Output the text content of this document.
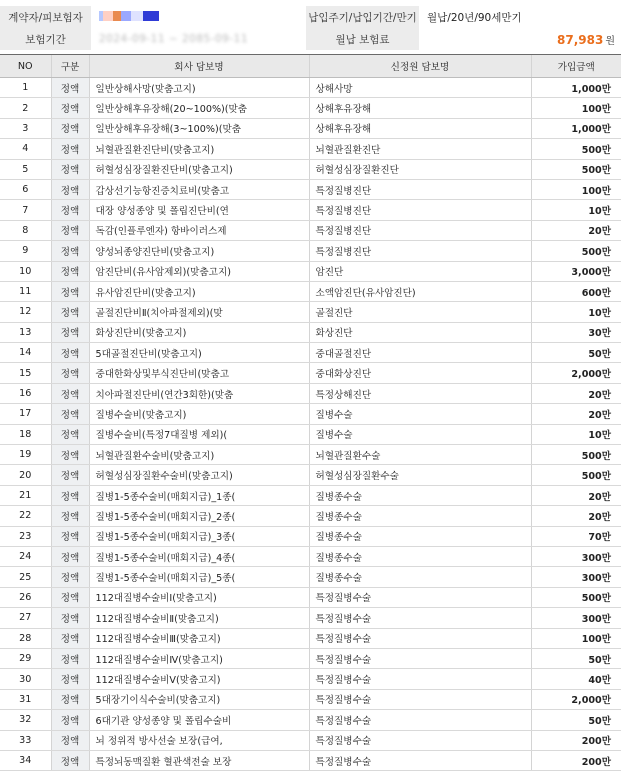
계약자/피보험자		납입주기/납입기간/만기	월납/20년/90세만기
보험기간	2024-09-11 ~ 2085-09-11	월납 보험료	87,983 원
NO	구분	회사 담보명	신정원 담보명	가입금액
1	정액	일반상해사망(맞춤고지)	상해사망	1,000만
2	정액	일반상해후유장해(20~100%)(맞춤	상해후유장해	100만
3	정액	일반상해후유장해(3~100%)(맞춤	상해후유장해	1,000만
4	정액	뇌혈관질환진단비(맞춤고지)	뇌혈관질환진단	500만
5	정액	허혈성심장질환진단비(맞춤고지)	허혈성심장질환진단	500만
6	정액	갑상선기능항진증치료비(맞춤고	특정질병진단	100만
7	정액	대장 양성종양 및 폴립진단비(연	특정질병진단	10만
8	정액	독감(인플루엔자) 항바이러스제	특정질병진단	20만
9	정액	양성뇌종양진단비(맞춤고지)	특정질병진단	500만
10	정액	암진단비(유사암제외)(맞춤고지)	암진단	3,000만
11	정액	유사암진단비(맞춤고지)	소액암진단(유사암진단)	600만
12	정액	골절진단비Ⅱ(치아파절제외)(맞	골절진단	10만
13	정액	화상진단비(맞춤고지)	화상진단	30만
14	정액	5대골절진단비(맞춤고지)	중대골절진단	50만
15	정액	중대한화상및부식진단비(맞춤고	중대화상진단	2,000만
16	정액	치아파절진단비(연간3회한)(맞춤	특정상해진단	20만
17	정액	질병수술비(맞춤고지)	질병수술	20만
18	정액	질병수술비(특정7대질병 제외)(	질병수술	10만
19	정액	뇌혈관질환수술비(맞춤고지)	뇌혈관질환수술	500만
20	정액	허혈성심장질환수술비(맞춤고지)	허혈성심장질환수술	500만
21	정액	질병1-5종수술비(매회지급)_1종(	질병종수술	20만
22	정액	질병1-5종수술비(매회지급)_2종(	질병종수술	20만
23	정액	질병1-5종수술비(매회지급)_3종(	질병종수술	70만
24	정액	질병1-5종수술비(매회지급)_4종(	질병종수술	300만
25	정액	질병1-5종수술비(매회지급)_5종(	질병종수술	300만
26	정액	112대질병수술비Ⅰ(맞춤고지)	특정질병수술	500만
27	정액	112대질병수술비Ⅱ(맞춤고지)	특정질병수술	300만
28	정액	112대질병수술비Ⅲ(맞춤고지)	특정질병수술	100만
29	정액	112대질병수술비Ⅳ(맞춤고지)	특정질병수술	50만
30	정액	112대질병수술비Ⅴ(맞춤고지)	특정질병수술	40만
31	정액	5대장기이식수술비(맞춤고지)	특정질병수술	2,000만
32	정액	6대기관 양성종양 및 폴립수술비	특정질병수술	50만
33	정액	뇌 정위적 방사선술 보장(급여,	특정질병수술	200만
34	정액	특정뇌동맥질환 혈관색전술 보장	특정질병수술	200만
